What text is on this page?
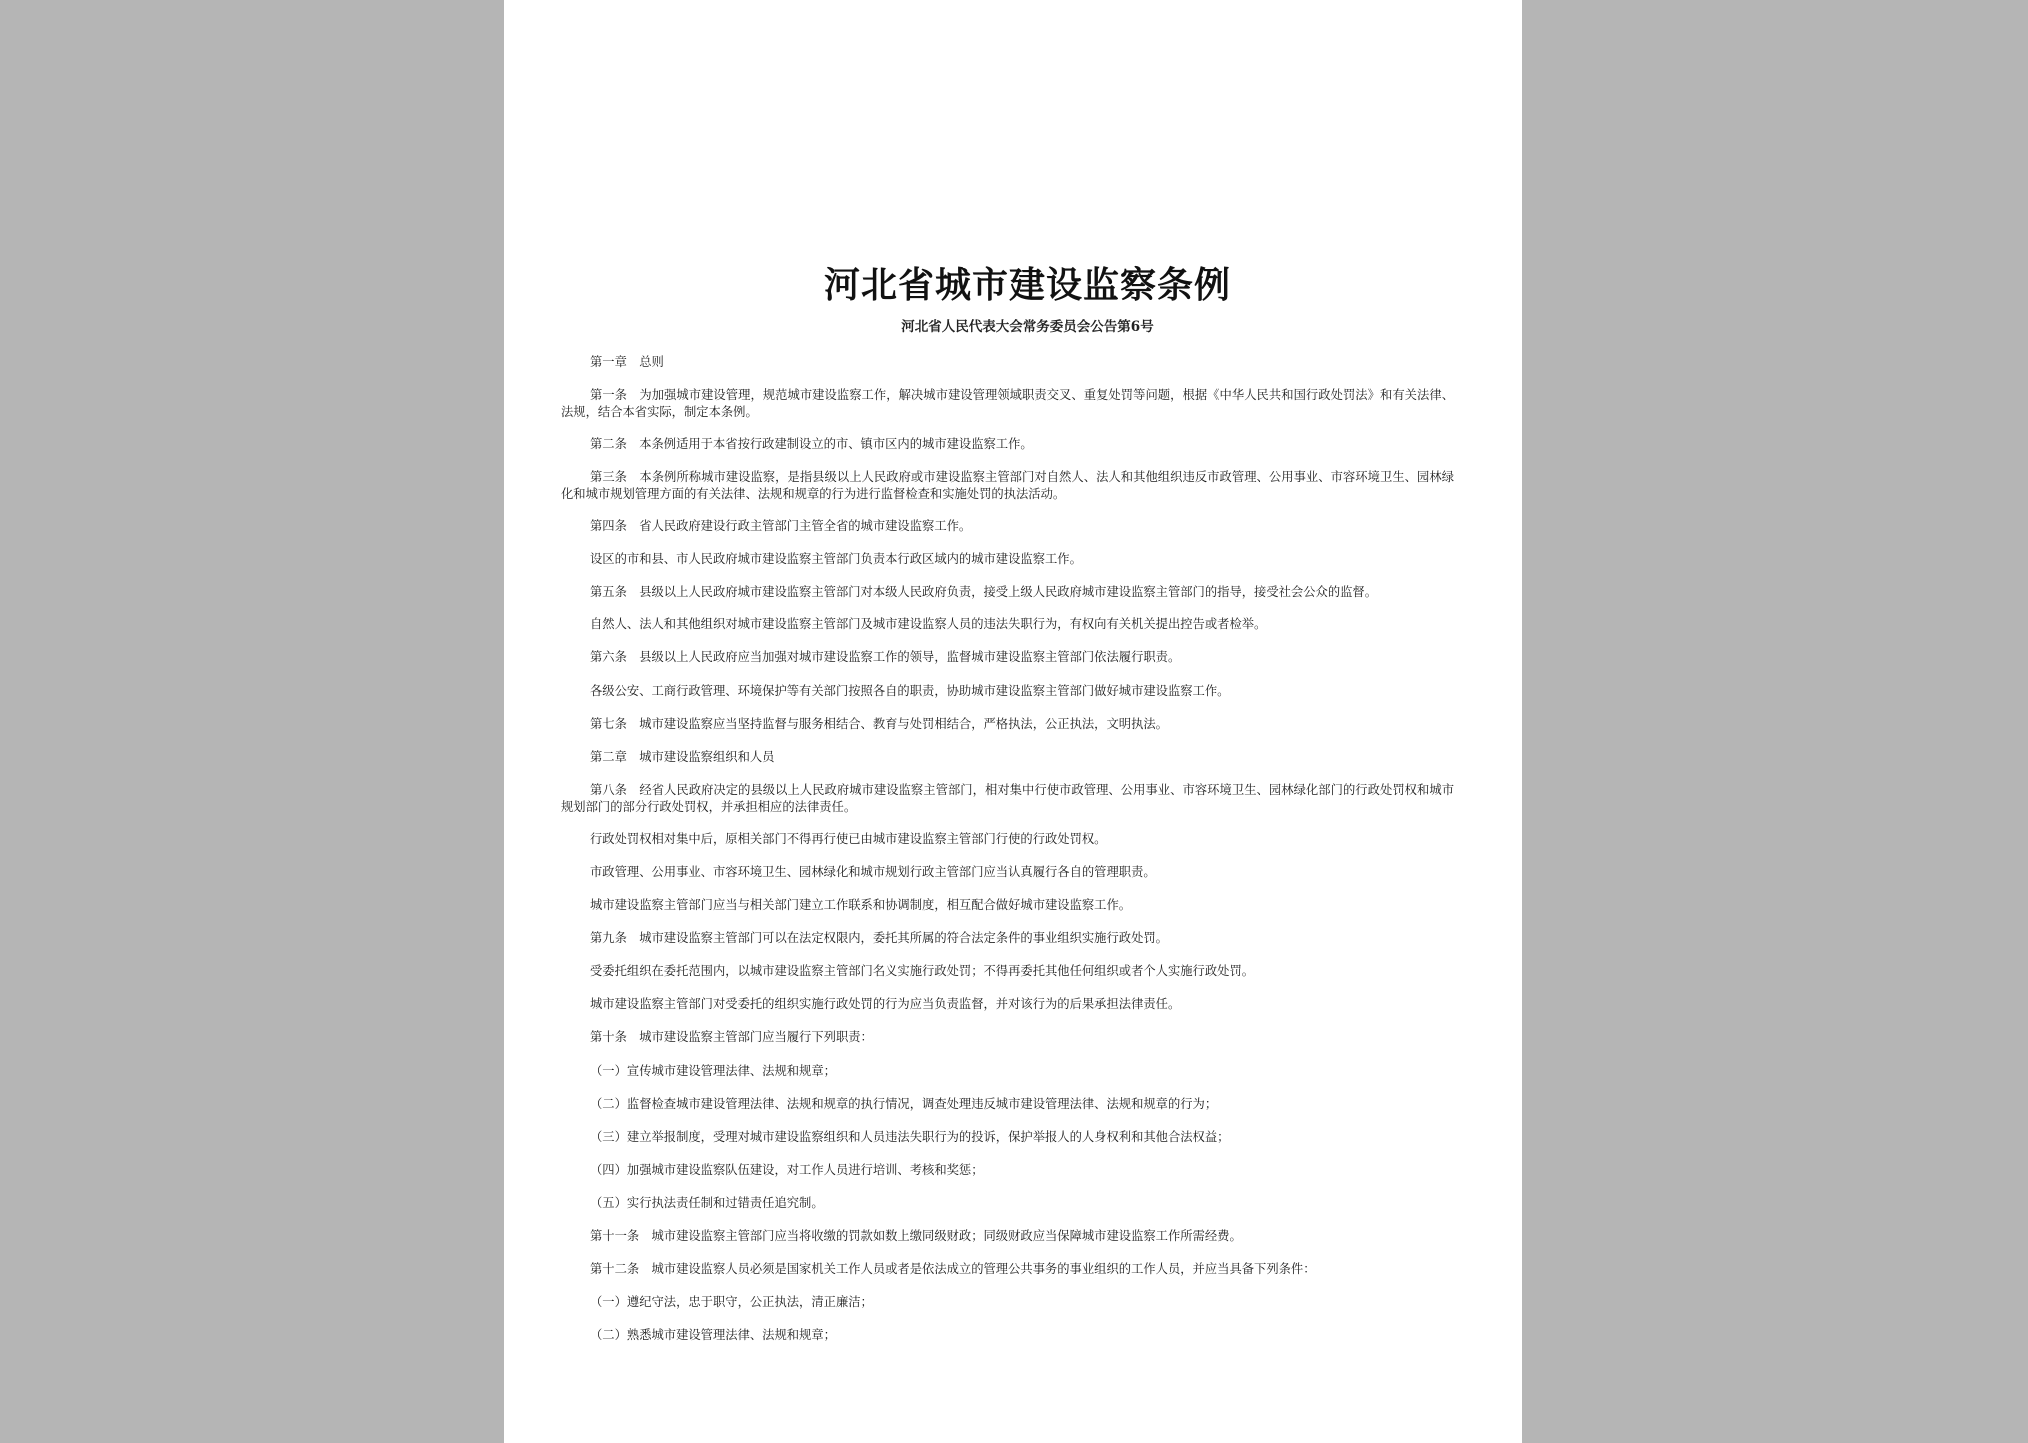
河北省城市建设监察条例
河北省人民代表大会常务委员会公告第6号

第一章　总则

第一条　为加强城市建设管理，规范城市建设监察工作，解决城市建设管理领域职责交叉、重复处罚等问题，根据《中华人民共和国行政处罚法》和有关法律、法规，结合本省实际，制定本条例。

第二条　本条例适用于本省按行政建制设立的市、镇市区内的城市建设监察工作。

第三条　本条例所称城市建设监察，是指县级以上人民政府或市建设监察主管部门对自然人、法人和其他组织违反市政管理、公用事业、市容环境卫生、园林绿化和城市规划管理方面的有关法律、法规和规章的行为进行监督检查和实施处罚的执法活动。

第四条　省人民政府建设行政主管部门主管全省的城市建设监察工作。

设区的市和县、市人民政府城市建设监察主管部门负责本行政区域内的城市建设监察工作。

第五条　县级以上人民政府城市建设监察主管部门对本级人民政府负责，接受上级人民政府城市建设监察主管部门的指导，接受社会公众的监督。

自然人、法人和其他组织对城市建设监察主管部门及城市建设监察人员的违法失职行为，有权向有关机关提出控告或者检举。

第六条　县级以上人民政府应当加强对城市建设监察工作的领导，监督城市建设监察主管部门依法履行职责。

各级公安、工商行政管理、环境保护等有关部门按照各自的职责，协助城市建设监察主管部门做好城市建设监察工作。

第七条　城市建设监察应当坚持监督与服务相结合、教育与处罚相结合，严格执法，公正执法，文明执法。

第二章　城市建设监察组织和人员

第八条　经省人民政府决定的县级以上人民政府城市建设监察主管部门，相对集中行使市政管理、公用事业、市容环境卫生、园林绿化部门的行政处罚权和城市规划部门的部分行政处罚权，并承担相应的法律责任。

行政处罚权相对集中后，原相关部门不得再行使已由城市建设监察主管部门行使的行政处罚权。

市政管理、公用事业、市容环境卫生、园林绿化和城市规划行政主管部门应当认真履行各自的管理职责。

城市建设监察主管部门应当与相关部门建立工作联系和协调制度，相互配合做好城市建设监察工作。

第九条　城市建设监察主管部门可以在法定权限内，委托其所属的符合法定条件的事业组织实施行政处罚。

受委托组织在委托范围内，以城市建设监察主管部门名义实施行政处罚；不得再委托其他任何组织或者个人实施行政处罚。

城市建设监察主管部门对受委托的组织实施行政处罚的行为应当负责监督，并对该行为的后果承担法律责任。

第十条　城市建设监察主管部门应当履行下列职责：

（一）宣传城市建设管理法律、法规和规章；

（二）监督检查城市建设管理法律、法规和规章的执行情况，调查处理违反城市建设管理法律、法规和规章的行为；

（三）建立举报制度，受理对城市建设监察组织和人员违法失职行为的投诉，保护举报人的人身权利和其他合法权益；

（四）加强城市建设监察队伍建设，对工作人员进行培训、考核和奖惩；

（五）实行执法责任制和过错责任追究制。

第十一条　城市建设监察主管部门应当将收缴的罚款如数上缴同级财政；同级财政应当保障城市建设监察工作所需经费。

第十二条　城市建设监察人员必须是国家机关工作人员或者是依法成立的管理公共事务的事业组织的工作人员，并应当具备下列条件：

（一）遵纪守法，忠于职守，公正执法，清正廉洁；

（二）熟悉城市建设管理法律、法规和规章；
